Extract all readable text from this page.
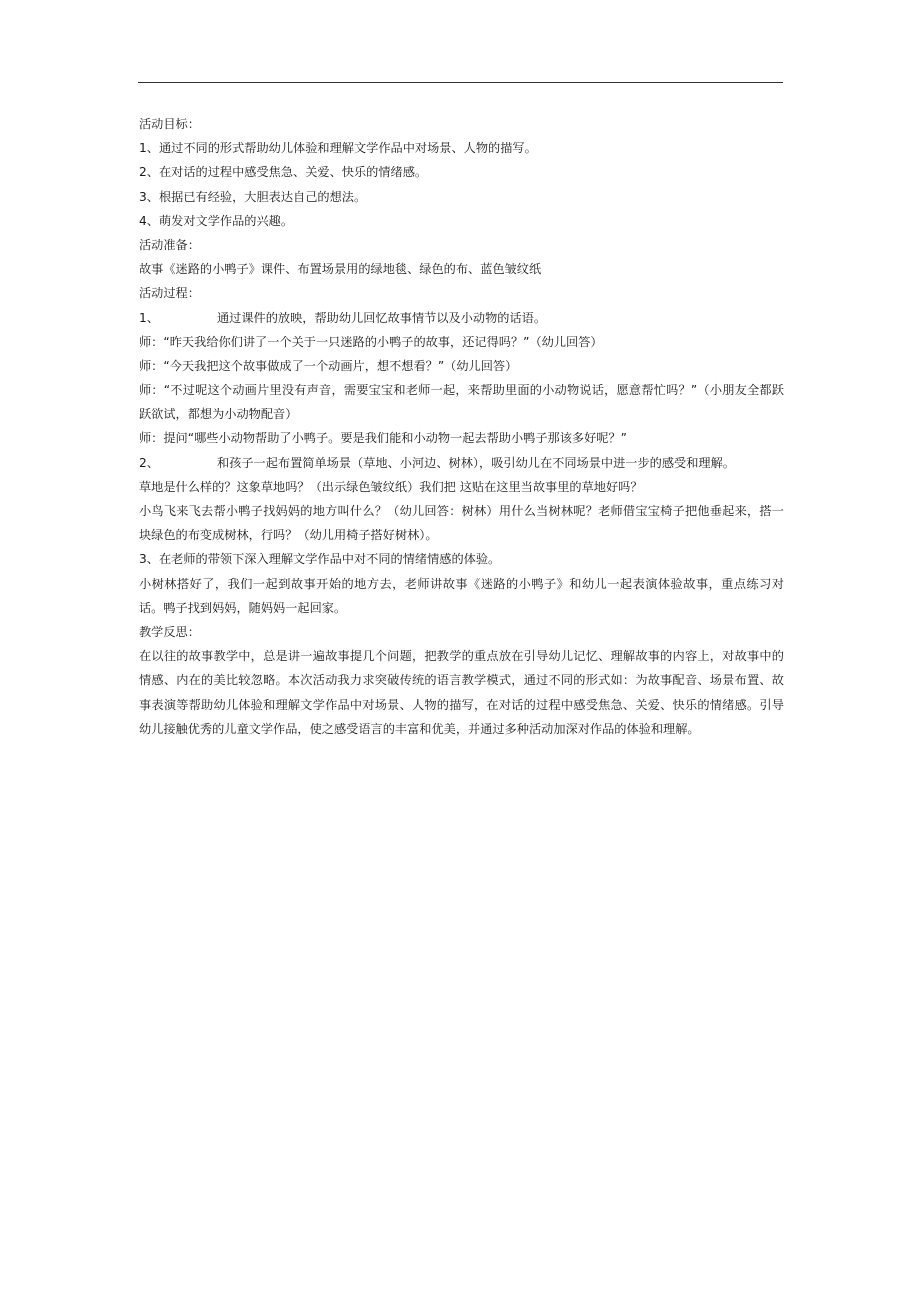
活动目标：
1、通过不同的形式帮助幼儿体验和理解文学作品中对场景、人物的描写。
2、在对话的过程中感受焦急、关爱、快乐的情绪感。
3、根据已有经验，大胆表达自己的想法。
4、萌发对文学作品的兴趣。
活动准备：
故事《迷路的小鸭子》课件、布置场景用的绿地毯、绿色的布、蓝色皱纹纸
活动过程：
1、	通过课件的放映，帮助幼儿回忆故事情节以及小动物的话语。
师：“昨天我给你们讲了一个关于一只迷路的小鸭子的故事，还记得吗？”（幼儿回答）
师：“今天我把这个故事做成了一个动画片，想不想看？”（幼儿回答）
师：“不过呢这个动画片里没有声音，需要宝宝和老师一起，来帮助里面的小动物说话，愿意帮忙吗？”（小朋友全都跃跃欲试，都想为小动物配音）
师：提问“哪些小动物帮助了小鸭子。要是我们能和小动物一起去帮助小鸭子那该多好呢？”
2、	和孩子一起布置简单场景（草地、小河边、树林），吸引幼儿在不同场景中进一步的感受和理解。
草地是什么样的？这象草地吗？（出示绿色皱纹纸）我们把 这贴在这里当故事里的草地好吗？
小鸟飞来飞去帮小鸭子找妈妈的地方叫什么？（幼儿回答：树林）用什么当树林呢？老师借宝宝椅子把他垂起来，搭一块绿色的布变成树林，行吗？（幼儿用椅子搭好树林）。
3、在老师的带领下深入理解文学作品中对不同的情绪情感的体验。
小树林搭好了，我们一起到故事开始的地方去，老师讲故事《迷路的小鸭子》和幼儿一起表演体验故事，重点练习对话。鸭子找到妈妈，随妈妈一起回家。
教学反思：
在以往的故事教学中，总是讲一遍故事提几个问题，把教学的重点放在引导幼儿记忆、理解故事的内容上，对故事中的情感、内在的美比较忽略。本次活动我力求突破传统的语言教学模式，通过不同的形式如：为故事配音、场景布置、故事表演等帮助幼儿体验和理解文学作品中对场景、人物的描写，在对话的过程中感受焦急、关爱、快乐的情绪感。引导幼儿接触优秀的儿童文学作品，使之感受语言的丰富和优美，并通过多种活动加深对作品的体验和理解。
